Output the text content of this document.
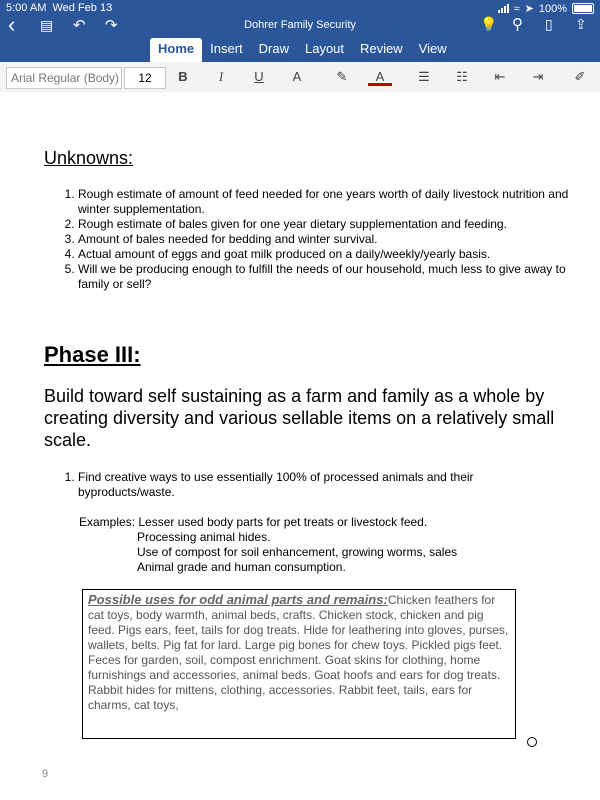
5:00 AM Wed Feb 13	≈ ➤ 100%
‹ ▤ ↶ ↷	Dohrer Family Security	💡 ⚲ ▯ ⇪
Home	Insert	Draw	Layout	Review	View
Arial Regular (Body)	12	B	I	U	A	✎	A	☰	☷	⇤	⇥	✐
Unknowns:
1. Rough estimate of amount of feed needed for one years worth of daily livestock nutrition and winter supplementation.
2. Rough estimate of bales given for one year dietary supplementation and feeding.
3. Amount of bales needed for bedding and winter survival.
4. Actual amount of eggs and goat milk produced on a daily/weekly/yearly basis.
5. Will we be producing enough to fulfill the needs of our household, much less to give away to family or sell?
Phase III:
Build toward self sustaining as a farm and family as a whole by creating diversity and various sellable items on a relatively small scale.
1. Find creative ways to use essentially 100% of processed animals and their byproducts/waste.
Examples: Lesser used body parts for pet treats or livestock feed.
Processing animal hides.
Use of compost for soil enhancement, growing worms, sales
Animal grade and human consumption.
Possible uses for odd animal parts and remains:Chicken feathers for cat toys, body warmth, animal beds, crafts. Chicken stock, chicken and pig feed. Pigs ears, feet, tails for dog treats. Hide for leathering into gloves, purses, wallets, belts. Pig fat for lard. Large pig bones for chew toys. Pickled pigs feet. Feces for garden, soil, compost enrichment. Goat skins for clothing, home furnishings and accessories, animal beds. Goat hoofs and ears for dog treats. Rabbit hides for mittens, clothing, accessories. Rabbit feet, tails, ears for charms, cat toys,
9
